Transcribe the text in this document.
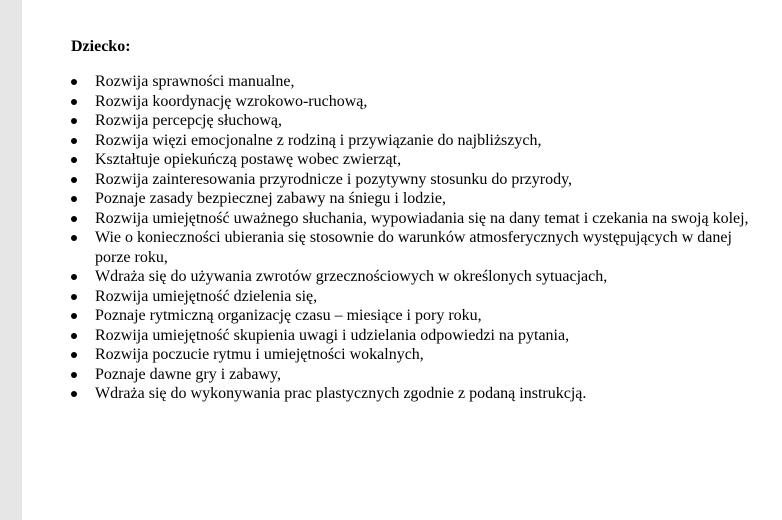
Dziecko:
Rozwija sprawności manualne,
Rozwija koordynację wzrokowo-ruchową,
Rozwija percepcję słuchową,
Rozwija więzi emocjonalne z rodziną i przywiązanie do najbliższych,
Kształtuje opiekuńczą postawę wobec zwierząt,
Rozwija zainteresowania przyrodnicze i pozytywny stosunku do przyrody,
Poznaje zasady bezpiecznej zabawy na śniegu i lodzie,
Rozwija umiejętność uważnego słuchania, wypowiadania się na dany temat i czekania na swoją kolej,
Wie o konieczności ubierania się stosownie do warunków atmosferycznych występujących w danej porze roku,
Wdraża się do używania zwrotów grzecznościowych w określonych sytuacjach,
Rozwija umiejętność dzielenia się,
Poznaje rytmiczną organizację czasu – miesiące i pory roku,
Rozwija umiejętność skupienia uwagi i udzielania odpowiedzi na pytania,
Rozwija poczucie rytmu i umiejętności wokalnych,
Poznaje dawne gry i zabawy,
Wdraża się do wykonywania prac plastycznych zgodnie z podaną instrukcją.
